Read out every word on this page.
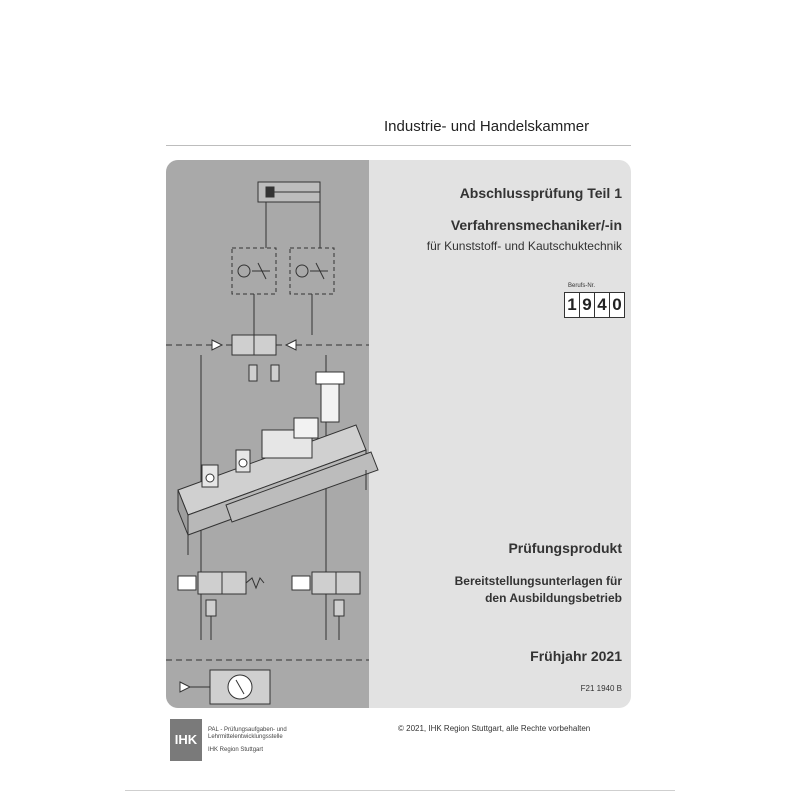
Industrie- und Handelskammer
Abschlussprüfung Teil 1
Verfahrensmechaniker/-in
für Kunststoff- und Kautschuktechnik
Berufs-Nr.
1 9 4 0
Prüfungsprodukt
Bereitstellungsunterlagen für
den Ausbildungsbetrieb
Frühjahr 2021
F21 1940 B
IHK
PAL - Prüfungsaufgaben- und
Lehrmittelentwicklungsstelle
IHK Region Stuttgart
© 2021, IHK Region Stuttgart, alle Rechte vorbehalten
